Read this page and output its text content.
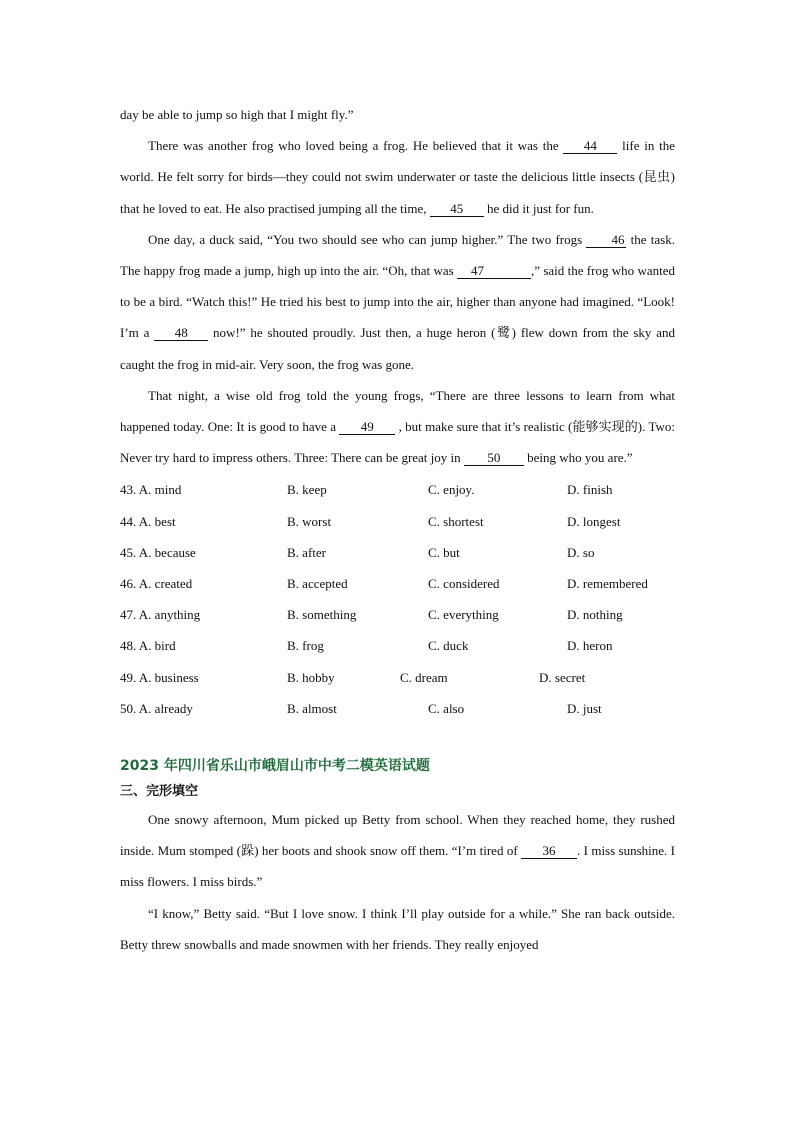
day be able to jump so high that I might fly.”

There was another frog who loved being a frog. He believed that it was the 44 life in the world. He felt sorry for birds—they could not swim underwater or taste the delicious little insects (昆虫) that he loved to eat. He also practised jumping all the time, 45 he did it just for fun.

One day, a duck said, “You two should see who can jump higher.” The two frogs 46 the task. The happy frog made a jump, high up into the air. “Oh, that was 47	,” said the frog who wanted to be a bird. “Watch this!” He tried his best to jump into the air, higher than anyone had imagined. “Look! I’m a 48 now!” he shouted proudly. Just then, a huge heron (鹭) flew down from the sky and caught the frog in mid-air. Very soon, the frog was gone.

That night, a wise old frog told the young frogs, “There are three lessons to learn from what happened today. One: It is good to have a 49 , but make sure that it’s realistic (能够实现的). Two: Never try hard to impress others. Three: There can be great joy in 50 being who you are.”

43. A. mind	B. keep	C. enjoy.	D. finish
44. A. best	B. worst	C. shortest	D. longest
45. A. because	B. after	C. but	D. so
46. A. created	B. accepted	C. considered	D. remembered
47. A. anything	B. something	C. everything	D. nothing
48. A. bird	B. frog	C. duck	D. heron
49. A. business	B. hobby	C. dream	D. secret
50. A. already	B. almost	C. also	D. just
2023 年四川省乐山市峨眉山市中考二模英语试题
三、完形填空

One snowy afternoon, Mum picked up Betty from school. When they reached home, they rushed inside. Mum stomped (跺) her boots and shook snow off them. “I’m tired of 36 . I miss sunshine. I miss flowers. I miss birds.”

“I know,” Betty said. “But I love snow. I think I’ll play outside for a while.” She ran back outside. Betty threw snowballs and made snowmen with her friends. They really enjoyed
